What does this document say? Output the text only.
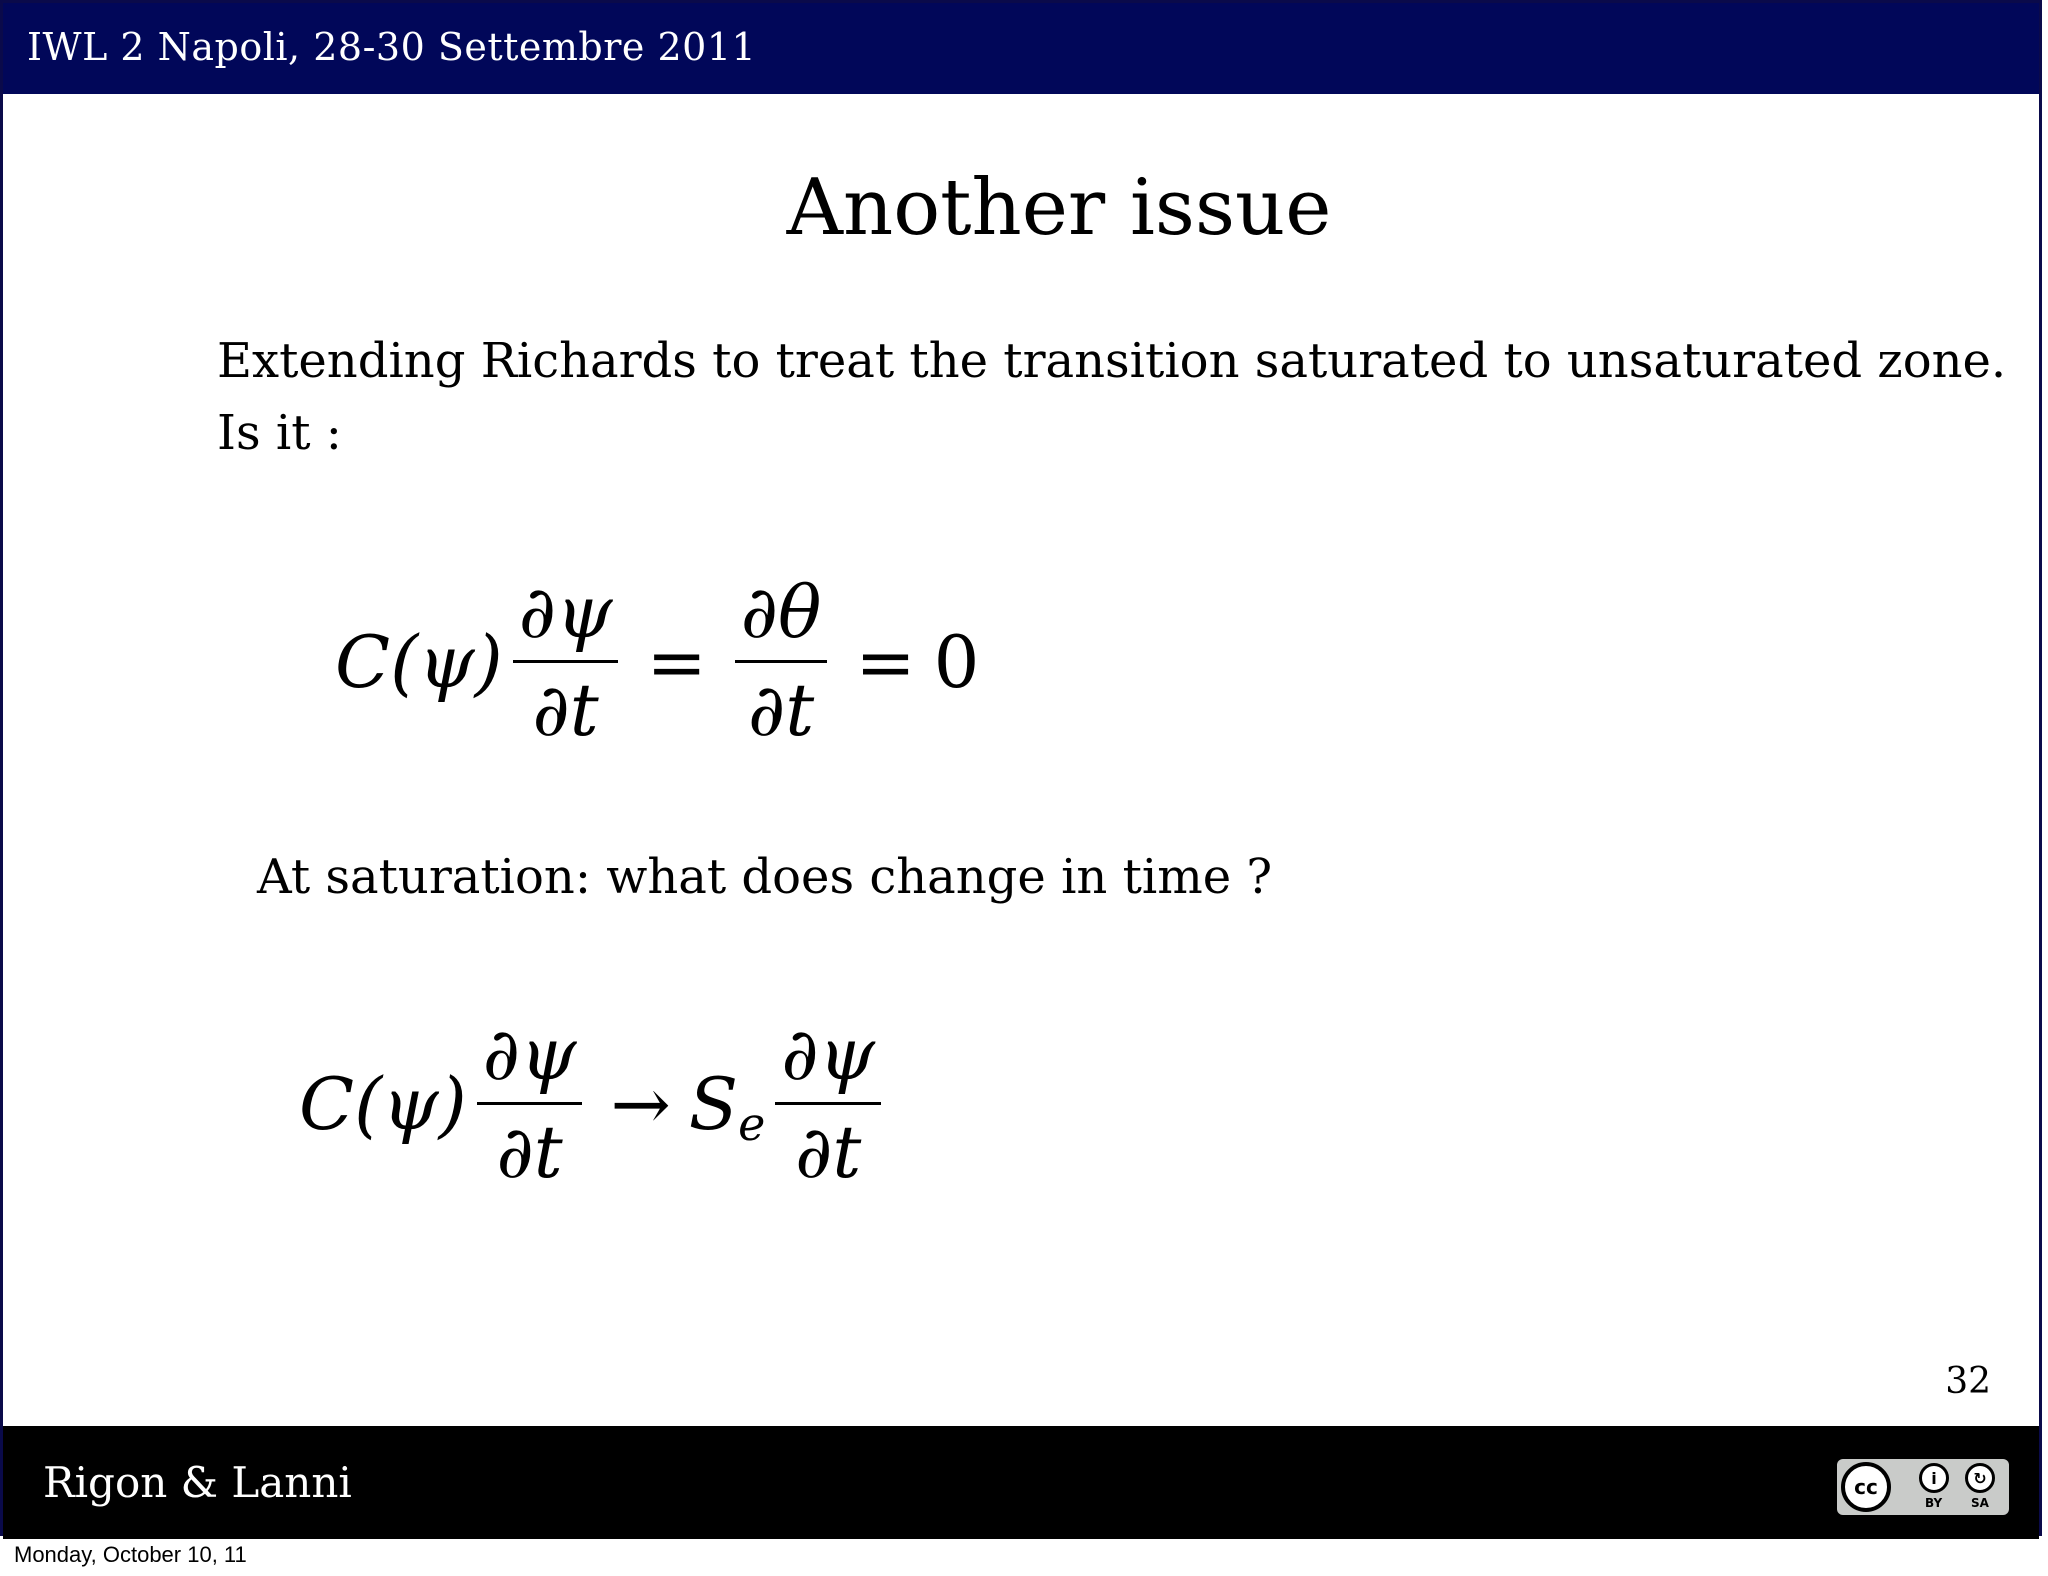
IWL 2 Napoli, 28-30 Settembre 2011
Another issue
Extending Richards to treat the transition saturated to unsaturated zone.
Is it :
$C(\psi) \frac{\partial\psi}{\partial t} = \frac{\partial\theta}{\partial t} = 0$
At saturation: what does change in time ?
$C(\psi) \frac{\partial\psi}{\partial t} \to S$ e $\frac{\partial\psi}{\partial t}$
32
Rigon & Lanni	cc	i	↻
BY SA
Monday, October 10, 11
